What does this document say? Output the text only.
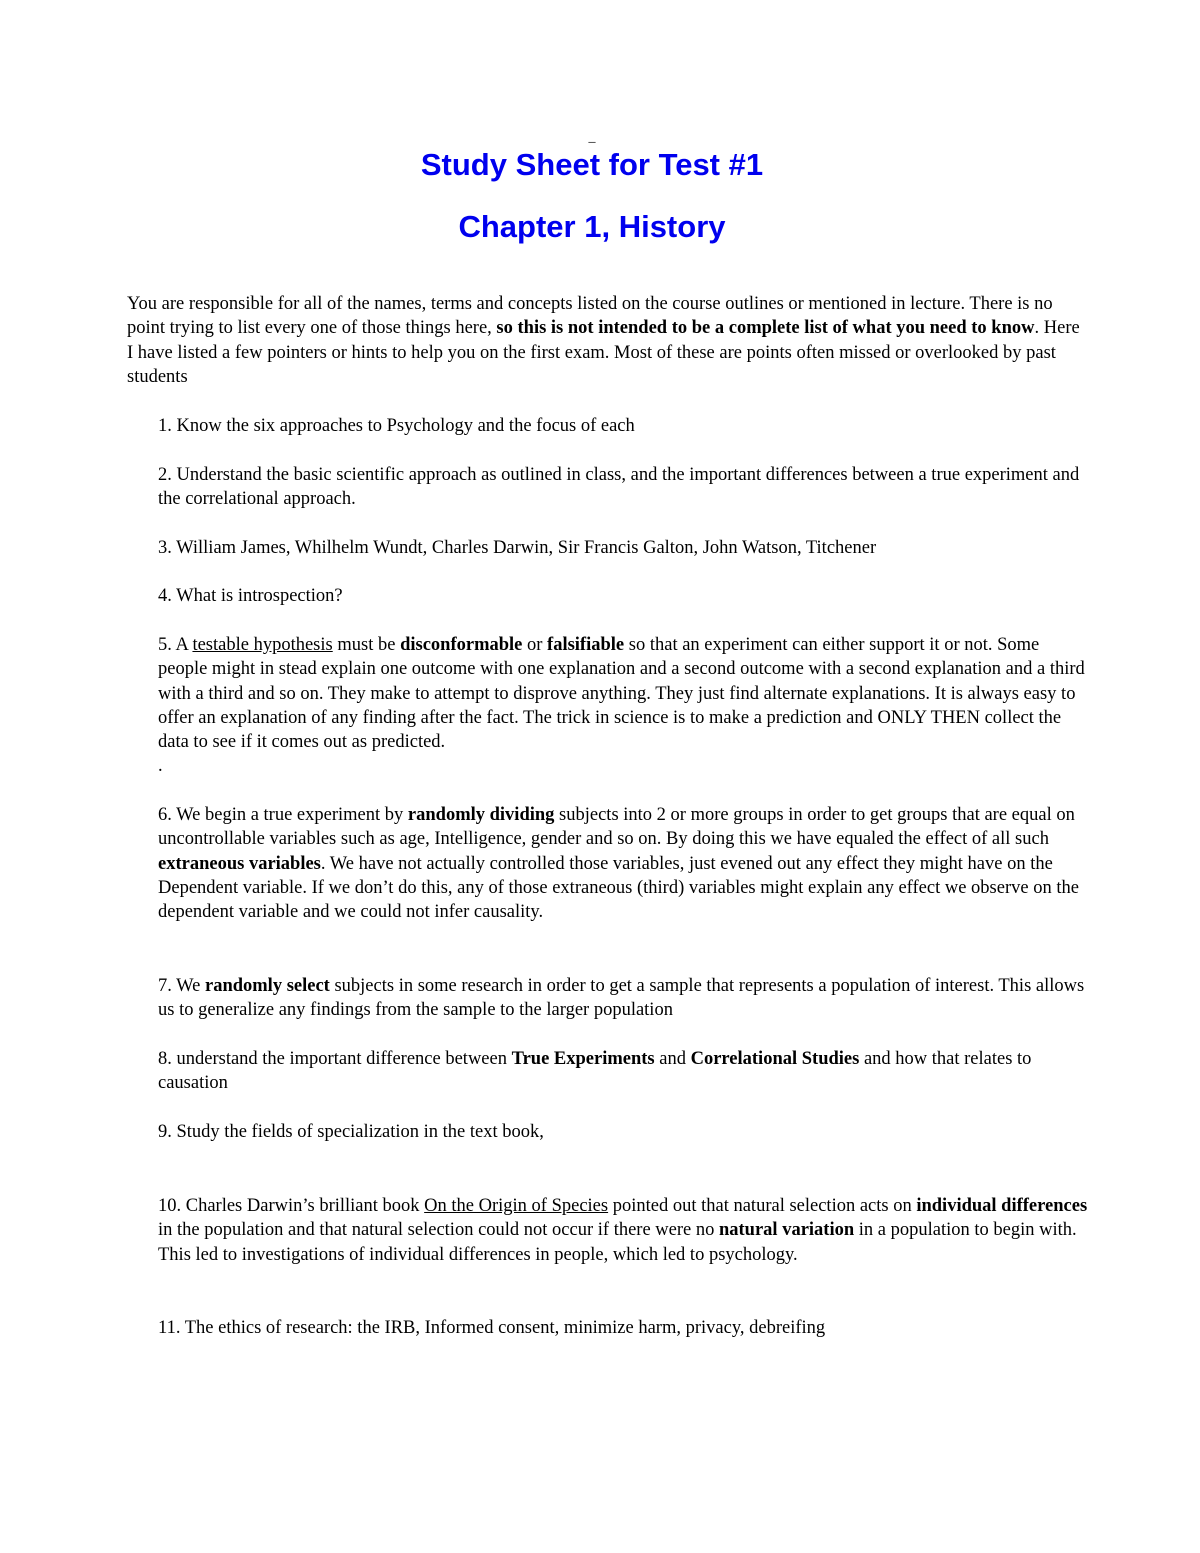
_
Study Sheet for Test #1
Chapter 1, History

You are responsible for all of the names, terms and concepts listed on the course outlines or mentioned in lecture. There is no point trying to list every one of those things here, so this is not intended to be a complete list of what you need to know. Here I have listed a few pointers or hints to help you on the first exam. Most of these are points often missed or overlooked by past students

1. Know the six approaches to Psychology and the focus of each

2. Understand the basic scientific approach as outlined in class, and the important differences between a true experiment and the correlational approach.

3. William James, Whilhelm Wundt, Charles Darwin, Sir Francis Galton, John Watson, Titchener

4. What is introspection?

5. A testable hypothesis must be disconformable or falsifiable so that an experiment can either support it or not. Some people might in stead explain one outcome with one explanation and a second outcome with a second explanation and a third with a third and so on. They make to attempt to disprove anything. They just find alternate explanations. It is always easy to offer an explanation of any finding after the fact. The trick in science is to make a prediction and ONLY THEN collect the data to see if it comes out as predicted.
.

6. We begin a true experiment by randomly dividing subjects into 2 or more groups in order to get groups that are equal on uncontrollable variables such as age, Intelligence, gender and so on. By doing this we have equaled the effect of all such extraneous variables. We have not actually controlled those variables, just evened out any effect they might have on the Dependent variable. If we don’t do this, any of those extraneous (third) variables might explain any effect we observe on the dependent variable and we could not infer causality.

7. We randomly select subjects in some research in order to get a sample that represents a population of interest. This allows us to generalize any findings from the sample to the larger population

8. understand the important difference between True Experiments and Correlational Studies and how that relates to causation

9. Study the fields of specialization in the text book,

10. Charles Darwin’s brilliant book On the Origin of Species pointed out that natural selection acts on individual differences in the population and that natural selection could not occur if there were no natural variation in a population to begin with. This led to investigations of individual differences in people, which led to psychology.

11. The ethics of research: the IRB, Informed consent, minimize harm, privacy, debreifing
